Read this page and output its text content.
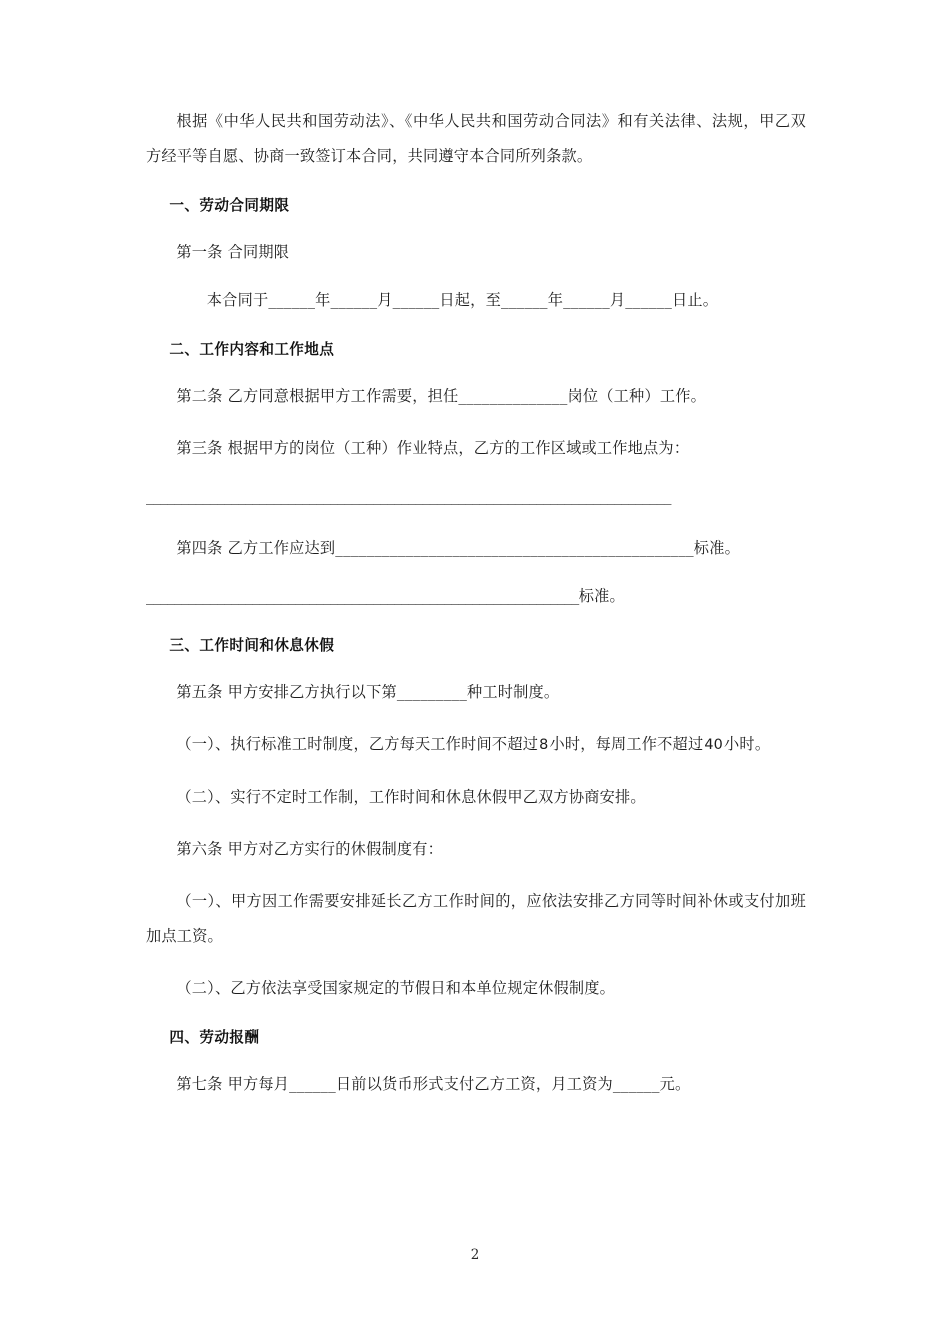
根据《中华人民共和国劳动法》、《中华人民共和国劳动合同法》和有关法律、法规，甲乙双方经平等自愿、协商一致签订本合同，共同遵守本合同所列条款。

一、劳动合同期限

第一条 合同期限

本合同于______年______月______日起，至______年______月______日止。

二、工作内容和工作地点

第二条 乙方同意根据甲方工作需要，担任______________岗位（工种）工作。

第三条 根据甲方的岗位（工种）作业特点，乙方的工作区域或工作地点为：

__________________________________________________________________________

第四条 乙方工作应达到______________________________________________标准。

_____________________________________________________________标准。
三、工作时间和休息休假

第五条 甲方安排乙方执行以下第_________种工时制度。

（一）、执行标准工时制度，乙方每天工作时间不超过8小时，每周工作不超过40小时。

（二）、实行不定时工作制，工作时间和休息休假甲乙双方协商安排。

第六条 甲方对乙方实行的休假制度有：

（一）、甲方因工作需要安排延长乙方工作时间的，应依法安排乙方同等时间补休或支付加班加点工资。

（二）、乙方依法享受国家规定的节假日和本单位规定休假制度。

四、劳动报酬

第七条 甲方每月______日前以货币形式支付乙方工资，月工资为______元。

2
